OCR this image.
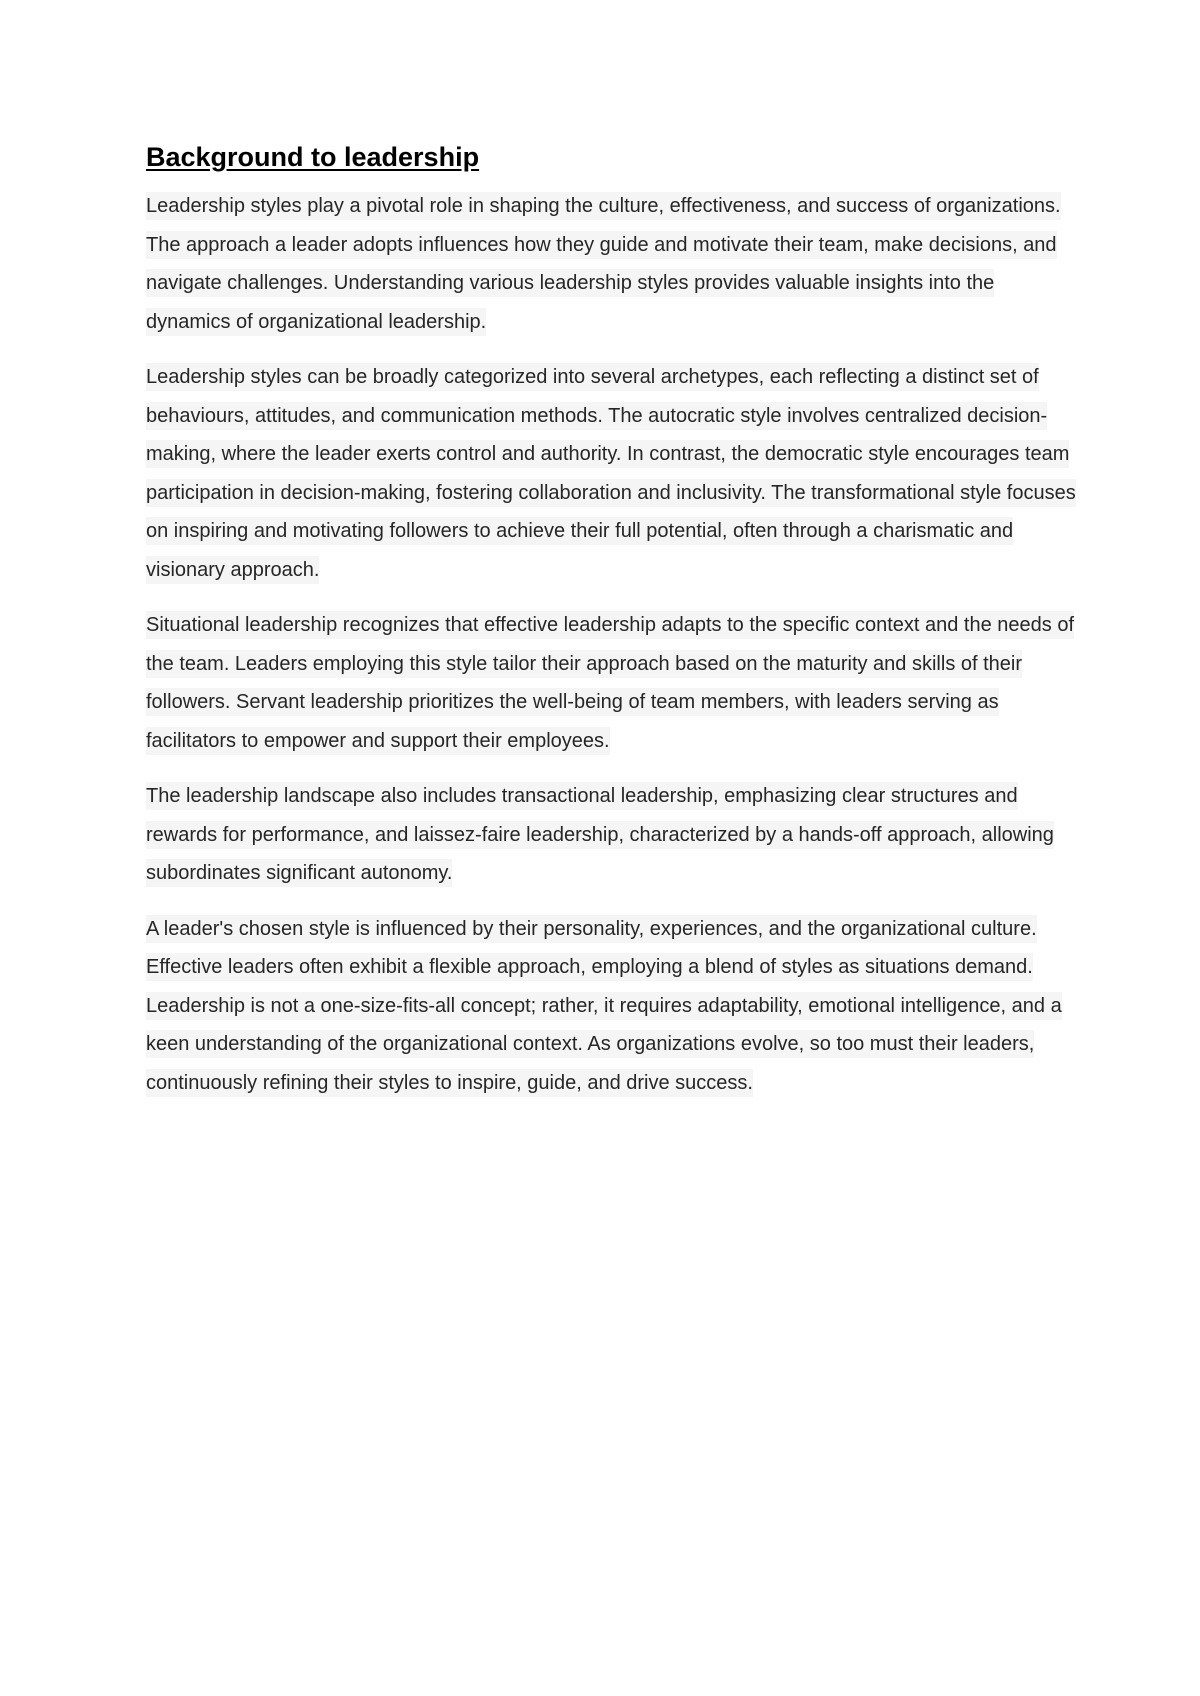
Background to leadership

Leadership styles play a pivotal role in shaping the culture, effectiveness, and success of organizations. The approach a leader adopts influences how they guide and motivate their team, make decisions, and navigate challenges. Understanding various leadership styles provides valuable insights into the dynamics of organizational leadership.

Leadership styles can be broadly categorized into several archetypes, each reflecting a distinct set of behaviours, attitudes, and communication methods. The autocratic style involves centralized decision-making, where the leader exerts control and authority. In contrast, the democratic style encourages team participation in decision-making, fostering collaboration and inclusivity. The transformational style focuses on inspiring and motivating followers to achieve their full potential, often through a charismatic and visionary approach.

Situational leadership recognizes that effective leadership adapts to the specific context and the needs of the team. Leaders employing this style tailor their approach based on the maturity and skills of their followers. Servant leadership prioritizes the well-being of team members, with leaders serving as facilitators to empower and support their employees.

The leadership landscape also includes transactional leadership, emphasizing clear structures and rewards for performance, and laissez-faire leadership, characterized by a hands-off approach, allowing subordinates significant autonomy.

A leader's chosen style is influenced by their personality, experiences, and the organizational culture. Effective leaders often exhibit a flexible approach, employing a blend of styles as situations demand. Leadership is not a one-size-fits-all concept; rather, it requires adaptability, emotional intelligence, and a keen understanding of the organizational context. As organizations evolve, so too must their leaders, continuously refining their styles to inspire, guide, and drive success.
